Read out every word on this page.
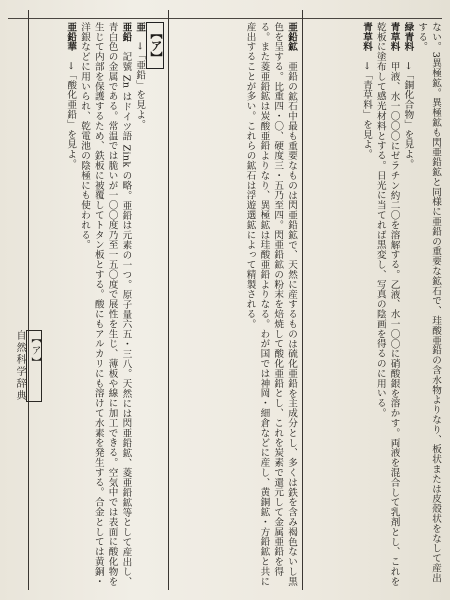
【ア】
自然科学辞典	ない。3異極鉱。異極鉱も閃亜鉛鉱と同様に亜鉛の重要な鉱石で、珪酸亜鉛の含水物よりなり、板状または皮殻状をなして産出する。

緑青料　→「銅化合物」を見よ。

青草料　甲液、水一〇〇〇にゼラチン約二〇を溶解する。乙液、水一〇〇に硝酸銀を溶かす。両液を混合して乳剤とし、これを乾板に塗布して感光材料とする。日光に当てれば黒変し、写真の陰画を得るのに用いる。

青草料　→「青草料」を見よ。

亜鉛鉱　亜鉛の鉱石中最も重要なものは閃亜鉛鉱で、天然に産するものは硫化亜鉛を主成分とし、多くは鉄を含み褐色ないし黒色を呈する。比重四・〇、硬度三・五乃至四。閃亜鉛鉱の粉末を焙焼して酸化亜鉛とし、これを炭素で還元して金属亜鉛を得る。また菱亜鉛鉱は炭酸亜鉛よりなり、異極鉱は珪酸亜鉛よりなる。わが国では神岡・細倉などに産し、黄銅鉱・方鉛鉱と共に産出することが多い。これらの鉱石は浮遊選鉱によって精製される。

【ア】

亜　→「亜鉛」を見よ。

亜鉛　記號 Zn はドイツ語 Zink の略。亜鉛は元素の一つ。原子量六五・三八。天然には閃亜鉛鉱、菱亜鉛鉱等として産出し、青白色の金属である。常温では脆いが一〇〇度乃至一五〇度で展性を生じ、薄板や線に加工できる。空気中では表面に酸化物を生じて内部を保護するため、鉄板に被覆してトタン板とする。酸にもアルカリにも溶けて水素を発生する。合金としては黄銅・洋銀などに用いられ、乾電池の陰極にも使われる。

亜鉛華　→「酸化亜鉛」を見よ。
